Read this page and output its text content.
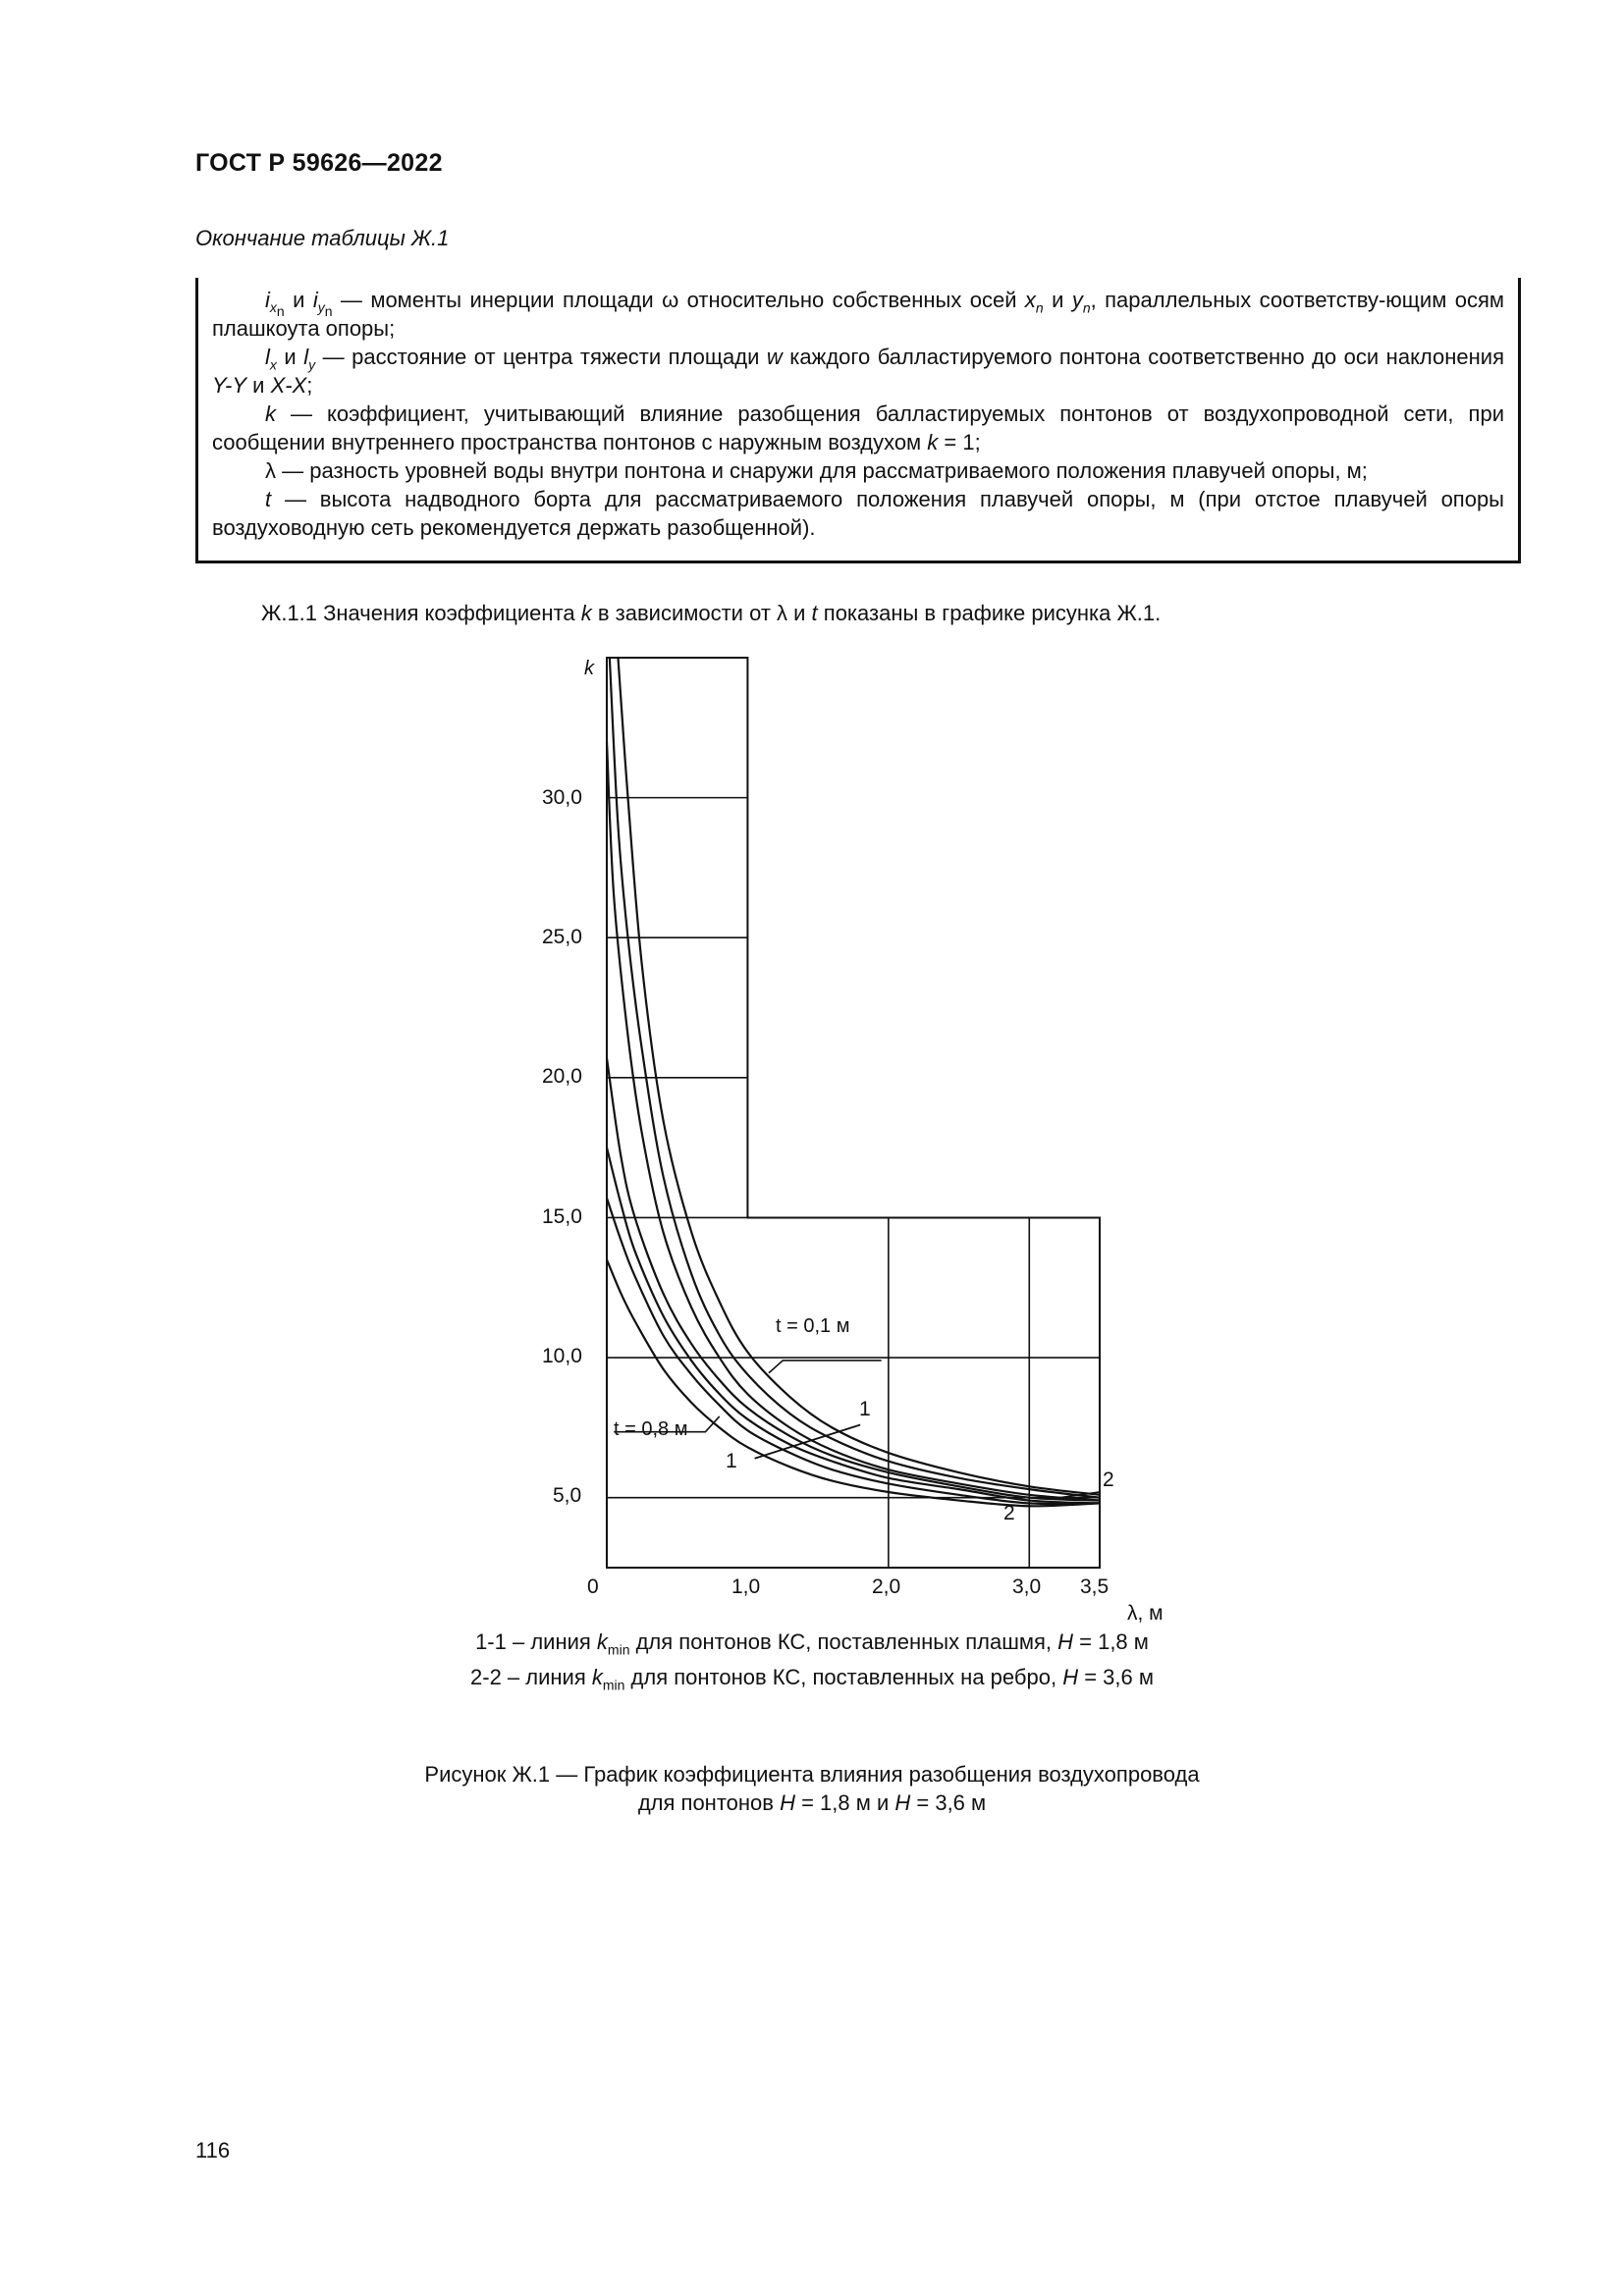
ГОСТ Р 59626—2022
Окончание таблицы Ж.1
$i_{x_n}$ и $i_{y_n}$ — моменты инерции площади ω относительно собственных осей $x_n$ и $y_n$, параллельных соответству-ющим осям плашкоута опоры;
$l_x$ и $l_y$ — расстояние от центра тяжести площади w каждого балластируемого понтона соответственно до оси наклонения Y-Y и X-X;
k — коэффициент, учитывающий влияние разобщения балластируемых понтонов от воздухопроводной сети, при сообщении внутреннего пространства понтонов с наружным воздухом k = 1;
λ — разность уровней воды внутри понтона и снаружи для рассматриваемого положения плавучей опоры, м;
t — высота надводного борта для рассматриваемого положения плавучей опоры, м (при отстое плавучей опоры воздуховодную сеть рекомендуется держать разобщенной).
Ж.1.1 Значения коэффициента k в зависимости от λ и t показаны в графике рисунка Ж.1.
k
λ, м
0	1,0	2,0	3,0 3,5
5,0
10,0
15,0
20,0
25,0
30,0
t = 0,1 м
t = 0,8 м
1
1
2
2
1-1 – линия $k_{min}$ для понтонов КС, поставленных плашмя, H = 1,8 м
2-2 – линия $k_{min}$ для понтонов КС, поставленных на ребро, H = 3,6 м
Рисунок Ж.1 — График коэффициента влияния разобщения воздухопровода
для понтонов H = 1,8 м и H = 3,6 м
116
